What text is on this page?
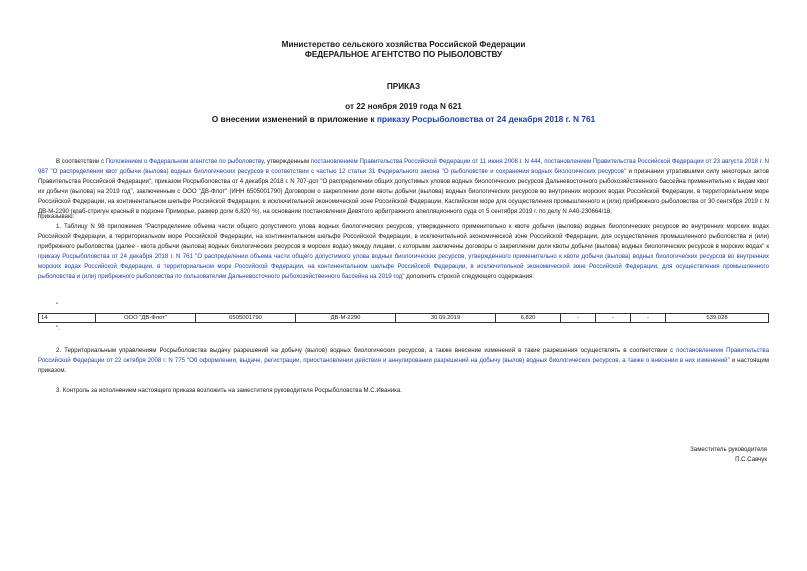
Министерство сельского хозяйства Российской Федерации
ФЕДЕРАЛЬНОЕ АГЕНТСТВО ПО РЫБОЛОВСТВУ
ПРИКАЗ
от 22 ноября 2019 года N 621
О внесении изменений в приложение к приказу Росрыболовства от 24 декабря 2018 г. N 761

В соответствии с Положением о Федеральном агентстве по рыболовству, утвержденным постановлением Правительства Российской Федерации от 11 июня 2008 г. N 444, постановлением Правительства Российской Федерации от 23 августа 2018 г. N 987 "О распределении квот добычи (вылова) водных биологических ресурсов в соответствии с частью 12 статьи 31 Федерального закона "О рыболовстве и сохранении водных биологических ресурсов" и признании утратившими силу некоторых актов Правительства Российской Федерации", приказом Росрыболовства от 4 декабря 2018 г. N 707-дсп "О распределении общих допустимых уловов водных биологических ресурсов Дальневосточного рыбохозяйственного бассейна применительно к видам квот их добычи (вылова) на 2019 год", заключенным с ООО "ДВ-Флот" (ИНН 6505001790) Договором о закреплении доли квоты добычи (вылова) водных биологических ресурсов во внутренних морских водах Российской Федерации, в территориальном море Российской Федерации, на континентальном шельфе Российской Федерации, в исключительной экономической зоне Российской Федерации, Каспийском море для осуществления промышленного и (или) прибрежного рыболовства от 30 сентября 2019 г. N ДВ-М-2290 (краб-стригун красный в подзоне Приморье, размер доли 6,820 %), на основании постановления Девятого арбитражного апелляционного суда от 5 сентября 2019 г. по делу N А40-230664/18,

приказываю:

1. Таблицу N 98 приложения "Распределение объема части общего допустимого улова водных биологических ресурсов, утвержденного применительно к квоте добычи (вылова) водных биологических ресурсов во внутренних морских водах Российской Федерации, в территориальном море Российской Федерации, на континентальном шельфе Российской Федерации, в исключительной экономической зоне Российской Федерации, для осуществления промышленного рыболовства и (или) прибрежного рыболовства (далее - квота добычи (вылова) водных биологических ресурсов в морских водах) между лицами, с которыми заключены договоры о закреплении доли квоты добычи (вылова) водных биологических ресурсов в морских водах" к приказу Росрыболовства от 24 декабря 2018 г. N 761 "О распределении объема части общего допустимого улова водных биологических ресурсов, утвержденного применительно к квоте добычи (вылова) водных биологических ресурсов во внутренних морских водах Российской Федерации, в территориальном море Российской Федерации, на континентальном шельфе Российской Федерации, в исключительной экономической зоне Российской Федерации, для осуществления промышленного рыболовства и (или) прибрежного рыболовства по пользователям Дальневосточного рыбохозяйственного бассейна на 2019 год" дополнить строкой следующего содержания:

"

14	ООО "ДВ-Флот"	6505001790	ДВ-М-2290	30.09.2019	6,820	-	-	-	539,028

".

2. Территориальным управлениям Росрыболовства выдачу разрешений на добычу (вылов) водных биологических ресурсов, а также внесение изменений в такие разрешения осуществлять в соответствии с постановлением Правительства Российской Федерации от 22 октября 2008 г. N 775 "Об оформлении, выдаче, регистрации, приостановлении действия и аннулировании разрешений на добычу (вылов) водных биологических ресурсов, а также о внесении в них изменений" и настоящим приказом.

3. Контроль за исполнением настоящего приказа возложить на заместителя руководителя Росрыболовства М.С.Иваника.

Заместитель руководителя
П.С.Савчук
